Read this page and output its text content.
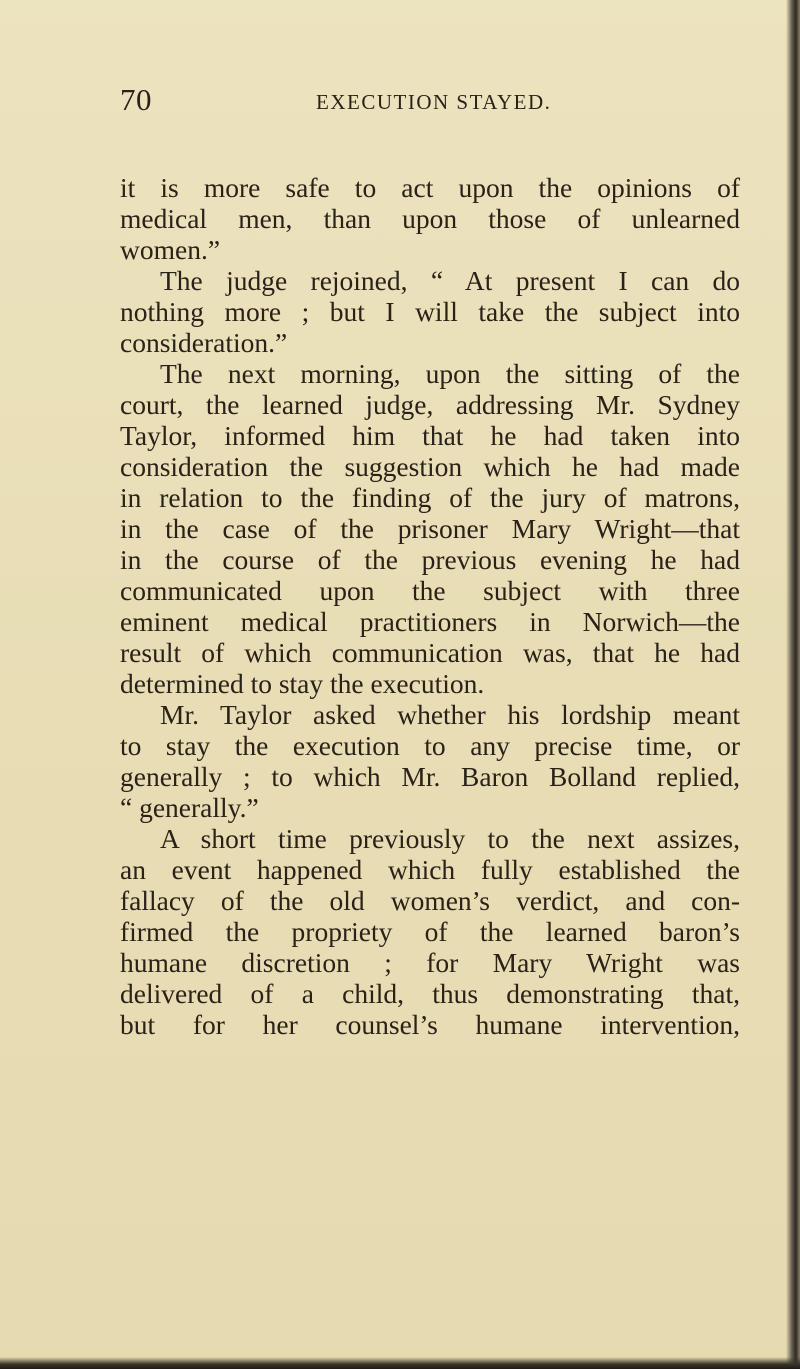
70	EXECUTION STAYED.
it is more safe to act upon the opinions of
medical men, than upon those of unlearned
women.”
The judge rejoined, “ At present I can do
nothing more ; but I will take the subject into
consideration.”
The next morning, upon the sitting of the
court, the learned judge, addressing Mr. Sydney
Taylor, informed him that he had taken into
consideration the suggestion which he had made
in relation to the finding of the jury of matrons,
in the case of the prisoner Mary Wright—that
in the course of the previous evening he had
communicated upon the subject with three
eminent medical practitioners in Norwich—the
result of which communication was, that he had
determined to stay the execution.
Mr. Taylor asked whether his lordship meant
to stay the execution to any precise time, or
generally ; to which Mr. Baron Bolland replied,
“ generally.”
A short time previously to the next assizes,
an event happened which fully established the
fallacy of the old women’s verdict, and con-
firmed the propriety of the learned baron’s
humane discretion ; for Mary Wright was
delivered of a child, thus demonstrating that,
but for her counsel’s humane intervention,
